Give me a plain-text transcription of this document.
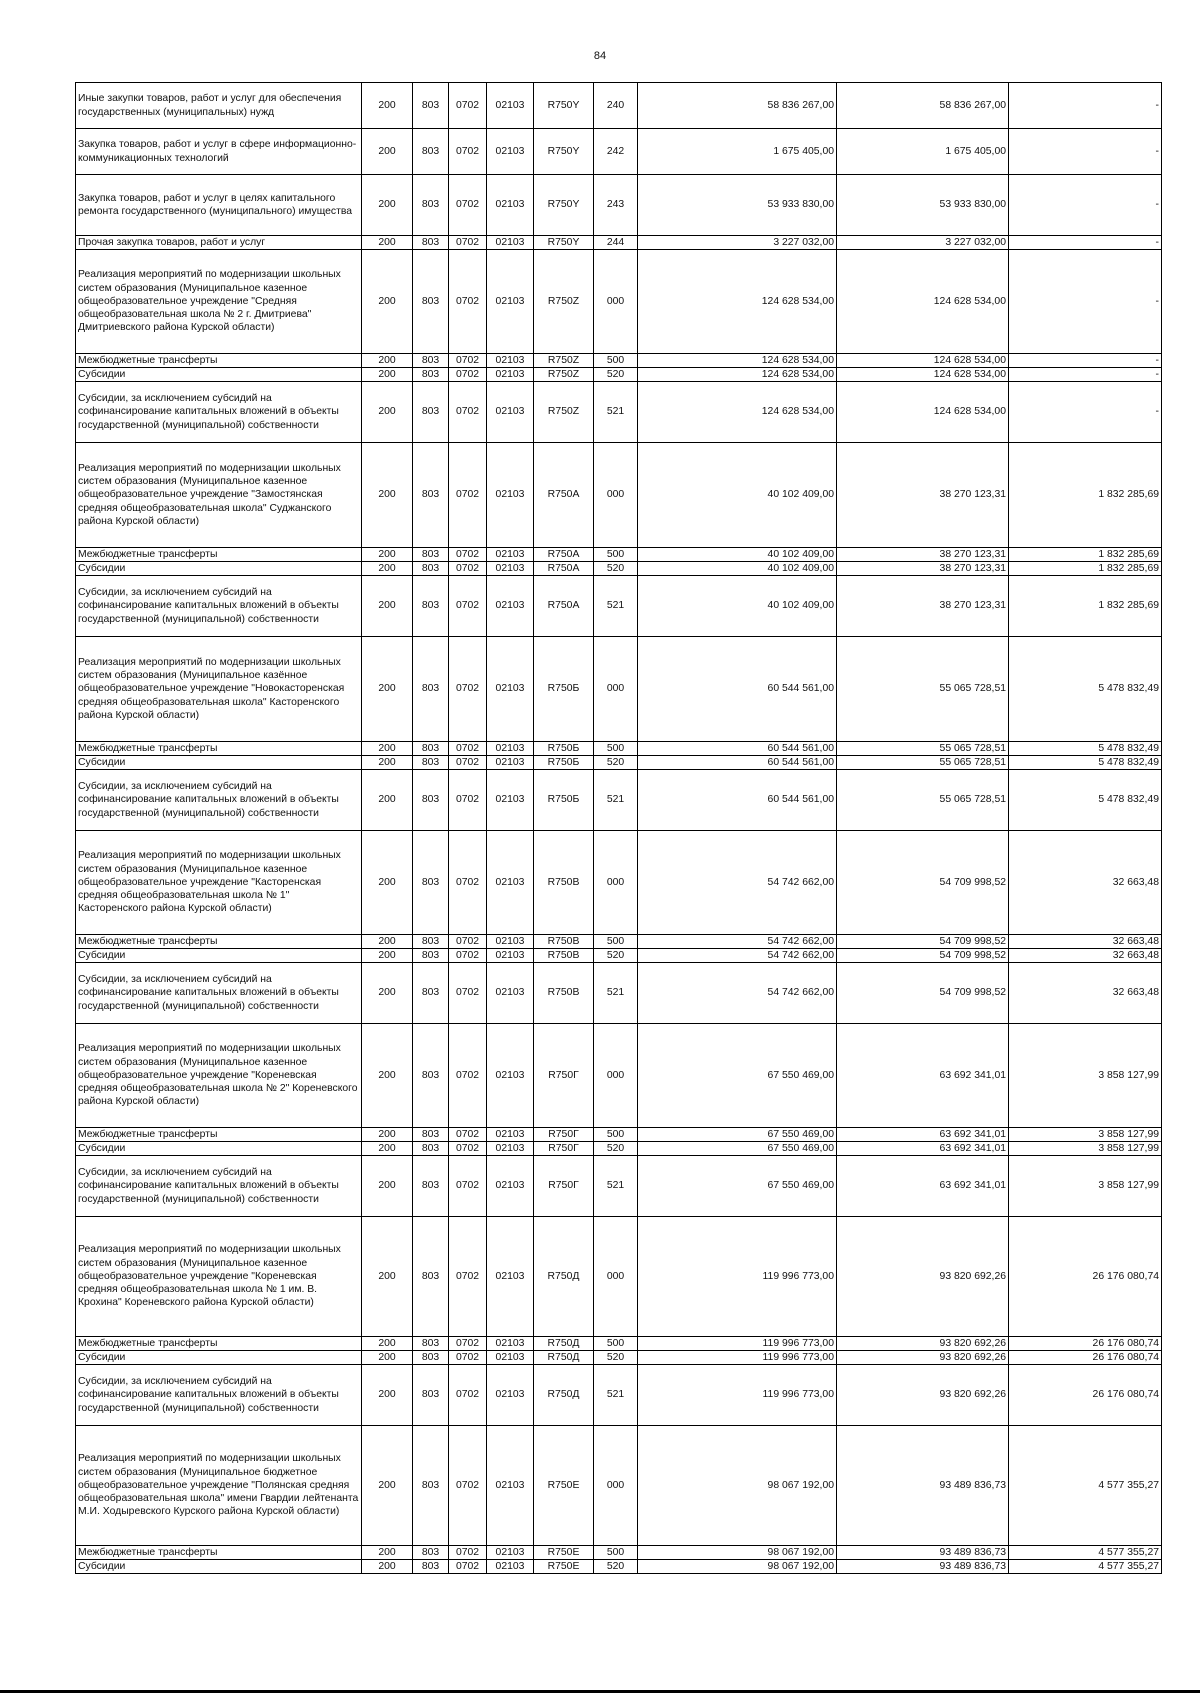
84
Иные закупки товаров, работ и услуг для обеспечения государственных (муниципальных) нужд	200	803	0702	02103	R750Y	240	58 836 267,00	58 836 267,00	-
Закупка товаров, работ и услуг в сфере информационно-коммуникационных технологий	200	803	0702	02103	R750Y	242	1 675 405,00	1 675 405,00	-
Закупка товаров, работ и услуг в целях капитального ремонта государственного (муниципального) имущества	200	803	0702	02103	R750Y	243	53 933 830,00	53 933 830,00	-
Прочая закупка товаров, работ и услуг	200	803	0702	02103	R750Y	244	3 227 032,00	3 227 032,00	-
Реализация мероприятий по модернизации школьных систем образования (Муниципальное казенное общеобразовательное учреждение "Средняя общеобразовательная школа № 2 г. Дмитриева" Дмитриевского района Курской области)	200	803	0702	02103	R750Z	000	124 628 534,00	124 628 534,00	-
Межбюджетные трансферты	200	803	0702	02103	R750Z	500	124 628 534,00	124 628 534,00	-
Субсидии	200	803	0702	02103	R750Z	520	124 628 534,00	124 628 534,00	-
Субсидии, за исключением субсидий на софинансирование капитальных вложений в объекты государственной (муниципальной) собственности	200	803	0702	02103	R750Z	521	124 628 534,00	124 628 534,00	-
Реализация мероприятий по модернизации школьных систем образования (Муниципальное казенное общеобразовательное учреждение "Замостянская средняя общеобразовательная школа" Суджанского района Курской области)	200	803	0702	02103	R750А	000	40 102 409,00	38 270 123,31	1 832 285,69
Межбюджетные трансферты	200	803	0702	02103	R750А	500	40 102 409,00	38 270 123,31	1 832 285,69
Субсидии	200	803	0702	02103	R750А	520	40 102 409,00	38 270 123,31	1 832 285,69
Субсидии, за исключением субсидий на софинансирование капитальных вложений в объекты государственной (муниципальной) собственности	200	803	0702	02103	R750А	521	40 102 409,00	38 270 123,31	1 832 285,69
Реализация мероприятий по модернизации школьных систем образования (Муниципальное казённое общеобразовательное учреждение "Новокасторенская средняя общеобразовательная школа" Касторенского района Курской области)	200	803	0702	02103	R750Б	000	60 544 561,00	55 065 728,51	5 478 832,49
Межбюджетные трансферты	200	803	0702	02103	R750Б	500	60 544 561,00	55 065 728,51	5 478 832,49
Субсидии	200	803	0702	02103	R750Б	520	60 544 561,00	55 065 728,51	5 478 832,49
Субсидии, за исключением субсидий на софинансирование капитальных вложений в объекты государственной (муниципальной) собственности	200	803	0702	02103	R750Б	521	60 544 561,00	55 065 728,51	5 478 832,49
Реализация мероприятий по модернизации школьных систем образования (Муниципальное казенное общеобразовательное учреждение "Касторенская средняя общеобразовательная школа № 1" Касторенского района Курской области)	200	803	0702	02103	R750В	000	54 742 662,00	54 709 998,52	32 663,48
Межбюджетные трансферты	200	803	0702	02103	R750В	500	54 742 662,00	54 709 998,52	32 663,48
Субсидии	200	803	0702	02103	R750В	520	54 742 662,00	54 709 998,52	32 663,48
Субсидии, за исключением субсидий на софинансирование капитальных вложений в объекты государственной (муниципальной) собственности	200	803	0702	02103	R750В	521	54 742 662,00	54 709 998,52	32 663,48
Реализация мероприятий по модернизации школьных систем образования (Муниципальное казенное общеобразовательное учреждение "Кореневская средняя общеобразовательная школа № 2" Кореневского района Курской области)	200	803	0702	02103	R750Г	000	67 550 469,00	63 692 341,01	3 858 127,99
Межбюджетные трансферты	200	803	0702	02103	R750Г	500	67 550 469,00	63 692 341,01	3 858 127,99
Субсидии	200	803	0702	02103	R750Г	520	67 550 469,00	63 692 341,01	3 858 127,99
Субсидии, за исключением субсидий на софинансирование капитальных вложений в объекты государственной (муниципальной) собственности	200	803	0702	02103	R750Г	521	67 550 469,00	63 692 341,01	3 858 127,99
Реализация мероприятий по модернизации школьных систем образования (Муниципальное казенное общеобразовательное учреждение "Кореневская средняя общеобразовательная школа № 1 им. В. Крохина" Кореневского района Курской области)	200	803	0702	02103	R750Д	000	119 996 773,00	93 820 692,26	26 176 080,74
Межбюджетные трансферты	200	803	0702	02103	R750Д	500	119 996 773,00	93 820 692,26	26 176 080,74
Субсидии	200	803	0702	02103	R750Д	520	119 996 773,00	93 820 692,26	26 176 080,74
Субсидии, за исключением субсидий на софинансирование капитальных вложений в объекты государственной (муниципальной) собственности	200	803	0702	02103	R750Д	521	119 996 773,00	93 820 692,26	26 176 080,74
Реализация мероприятий по модернизации школьных систем образования (Муниципальное бюджетное общеобразовательное учреждение "Полянская средняя общеобразовательная школа" имени Гвардии лейтенанта М.И. Ходыревского Курского района Курской области)	200	803	0702	02103	R750Е	000	98 067 192,00	93 489 836,73	4 577 355,27
Межбюджетные трансферты	200	803	0702	02103	R750Е	500	98 067 192,00	93 489 836,73	4 577 355,27
Субсидии	200	803	0702	02103	R750Е	520	98 067 192,00	93 489 836,73	4 577 355,27
